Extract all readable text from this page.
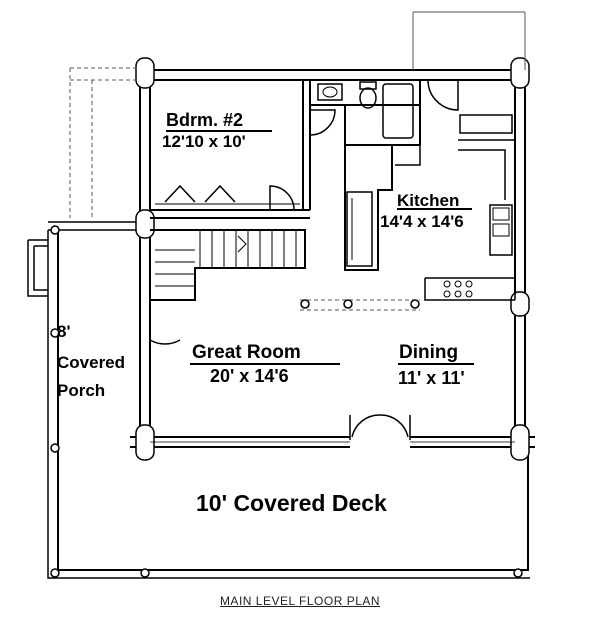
Bdrm. #2
12'10 x 10'
Kitchen
14'4 x 14'6
Great Room
20' x 14'6
Dining
11' x 11'
8'
Covered
Porch
10' Covered Deck
MAIN LEVEL FLOOR PLAN
